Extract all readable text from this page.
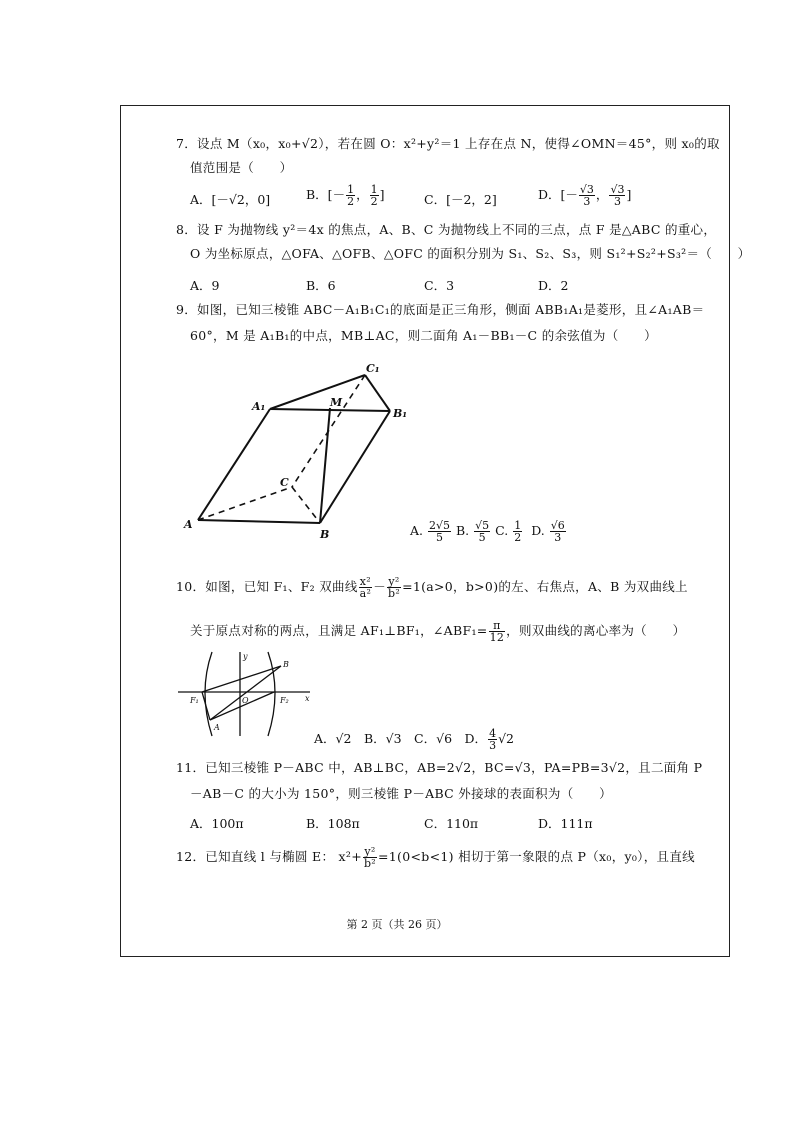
7．设点 M（x₀，x₀+√2），若在圆 O：x²+y²＝1 上存在点 N，使得∠OMN＝45°，则 x₀的取
值范围是（　　）
A．[－√2，0]	B．[－ $\frac{1}{2}$ ， $\frac{1}{2}$ ]	C．[－2，2]	D．[－ $\frac{√3}{3}$ ， $\frac{√3}{3}$ ]
8．设 F 为抛物线 y²＝4x 的焦点，A、B、C 为抛物线上不同的三点，点 F 是△ABC 的重心，
O 为坐标原点，△OFA、△OFB、△OFC 的面积分别为 S₁、S₂、S₃，则 S₁²+S₂²+S₃²＝（　　）
A．9	B．6	C．3	D．2
9．如图，已知三棱锥 ABC－A₁B₁C₁的底面是正三角形，侧面 ABB₁A₁是菱形，且∠A₁AB＝
60°，M 是 A₁B₁的中点，MB⊥AC，则二面角 A₁－BB₁－C 的余弦值为（　　）
A
B
C
A₁
B₁
C₁
M
A. $\frac{2√5}{5} B$. $\frac{√5}{5} C$. $\frac{1}{2} D$. $\frac{√6}{3}$
10．如图，已知 F₁、F₂ 双曲线 $\frac{\text{x²}}{\text{a²}} - \frac{\text{y²}}{\text{b²}} =1(a>0$，b>0)的左、右焦点，A、B 为双曲线上
关于原点对称的两点，且满足 AF₁⊥BF₁，∠ABF₁= $\frac{\pi}{12}$ ，则双曲线的离心率为（　　）
y
x
O
F₁	F₂
A
B
A．√2　B．√3　C．√6　D． $\frac{4}{3} √2$
11．已知三棱锥 P－ABC 中，AB⊥BC，AB=2√2，BC=√3，PA=PB=3√2，且二面角 P
－AB－C 的大小为 150°，则三棱锥 P－ABC 外接球的表面积为（　　）
A．100π	B．108π	C．110π	D．111π
12．已知直线 l 与椭圆 E： $x^2+ \frac{\text{y²}}{\text{b²}} =1(0<b<1)$ 相切于第一象限的点 P（x₀，y₀），且直线
第 2 页（共 26 页）
